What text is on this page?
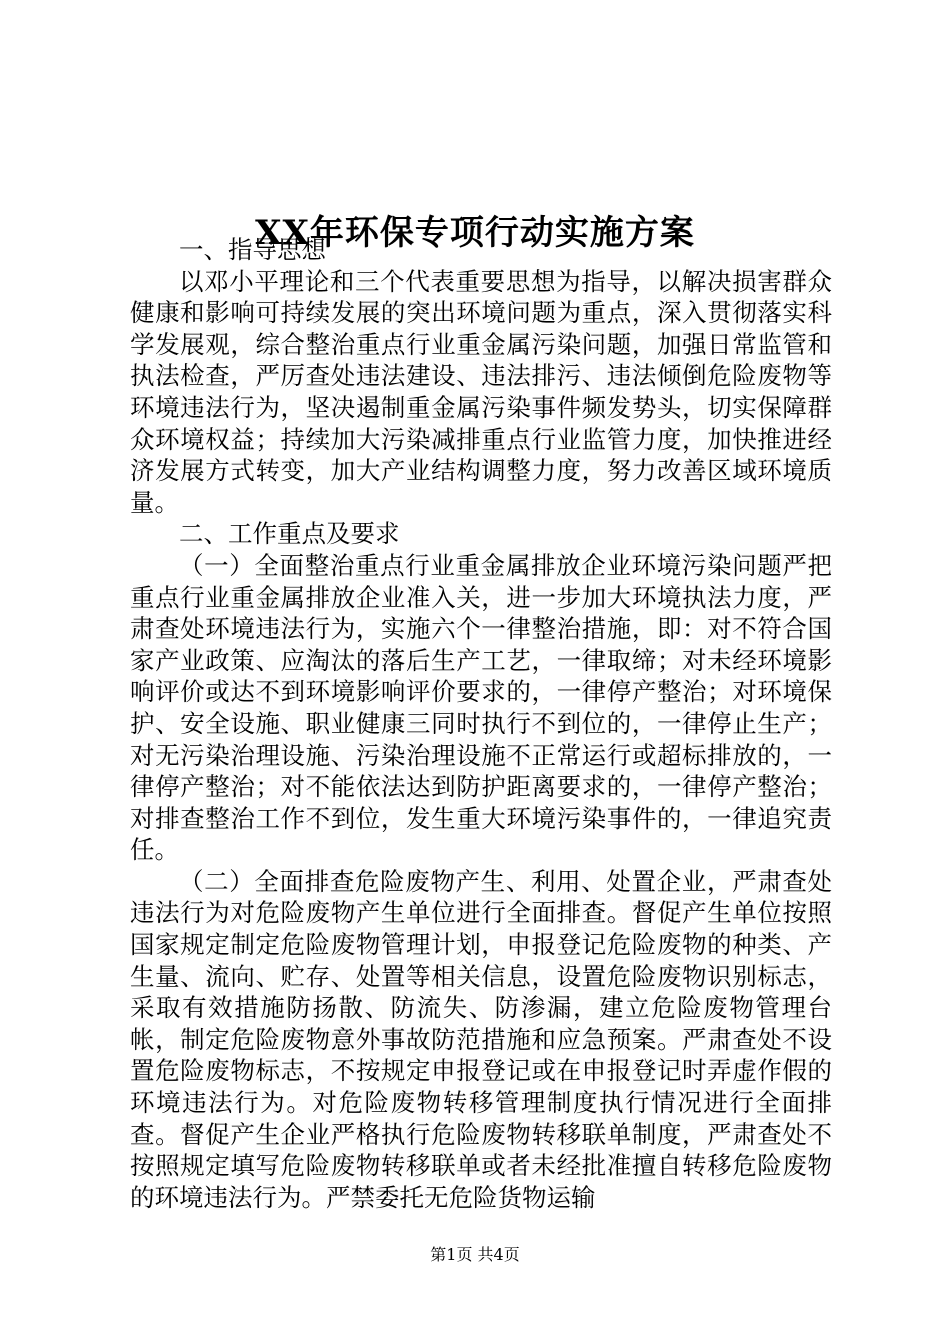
XX年环保专项行动实施方案

一、指导思想

以邓小平理论和三个代表重要思想为指导，以解决损害群众健康和影响可持续发展的突出环境问题为重点，深入贯彻落实科学发展观，综合整治重点行业重金属污染问题，加强日常监管和执法检查，严厉查处违法建设、违法排污、违法倾倒危险废物等环境违法行为，坚决遏制重金属污染事件频发势头，切实保障群众环境权益；持续加大污染减排重点行业监管力度，加快推进经济发展方式转变，加大产业结构调整力度，努力改善区域环境质量。

二、工作重点及要求

（一）全面整治重点行业重金属排放企业环境污染问题严把重点行业重金属排放企业准入关，进一步加大环境执法力度，严肃查处环境违法行为，实施六个一律整治措施，即：对不符合国家产业政策、应淘汰的落后生产工艺，一律取缔；对未经环境影响评价或达不到环境影响评价要求的，一律停产整治；对环境保护、安全设施、职业健康三同时执行不到位的，一律停止生产；对无污染治理设施、污染治理设施不正常运行或超标排放的，一律停产整治；对不能依法达到防护距离要求的，一律停产整治；对排查整治工作不到位，发生重大环境污染事件的，一律追究责任。

（二）全面排查危险废物产生、利用、处置企业，严肃查处违法行为对危险废物产生单位进行全面排查。督促产生单位按照国家规定制定危险废物管理计划，申报登记危险废物的种类、产生量、流向、贮存、处置等相关信息，设置危险废物识别标志，采取有效措施防扬散、防流失、防渗漏，建立危险废物管理台帐，制定危险废物意外事故防范措施和应急预案。严肃查处不设置危险废物标志，不按规定申报登记或在申报登记时弄虚作假的环境违法行为。对危险废物转移管理制度执行情况进行全面排查。督促产生企业严格执行危险废物转移联单制度，严肃查处不按照规定填写危险废物转移联单或者未经批准擅自转移危险废物的环境违法行为。严禁委托无危险货物运输

第1页 共4页
